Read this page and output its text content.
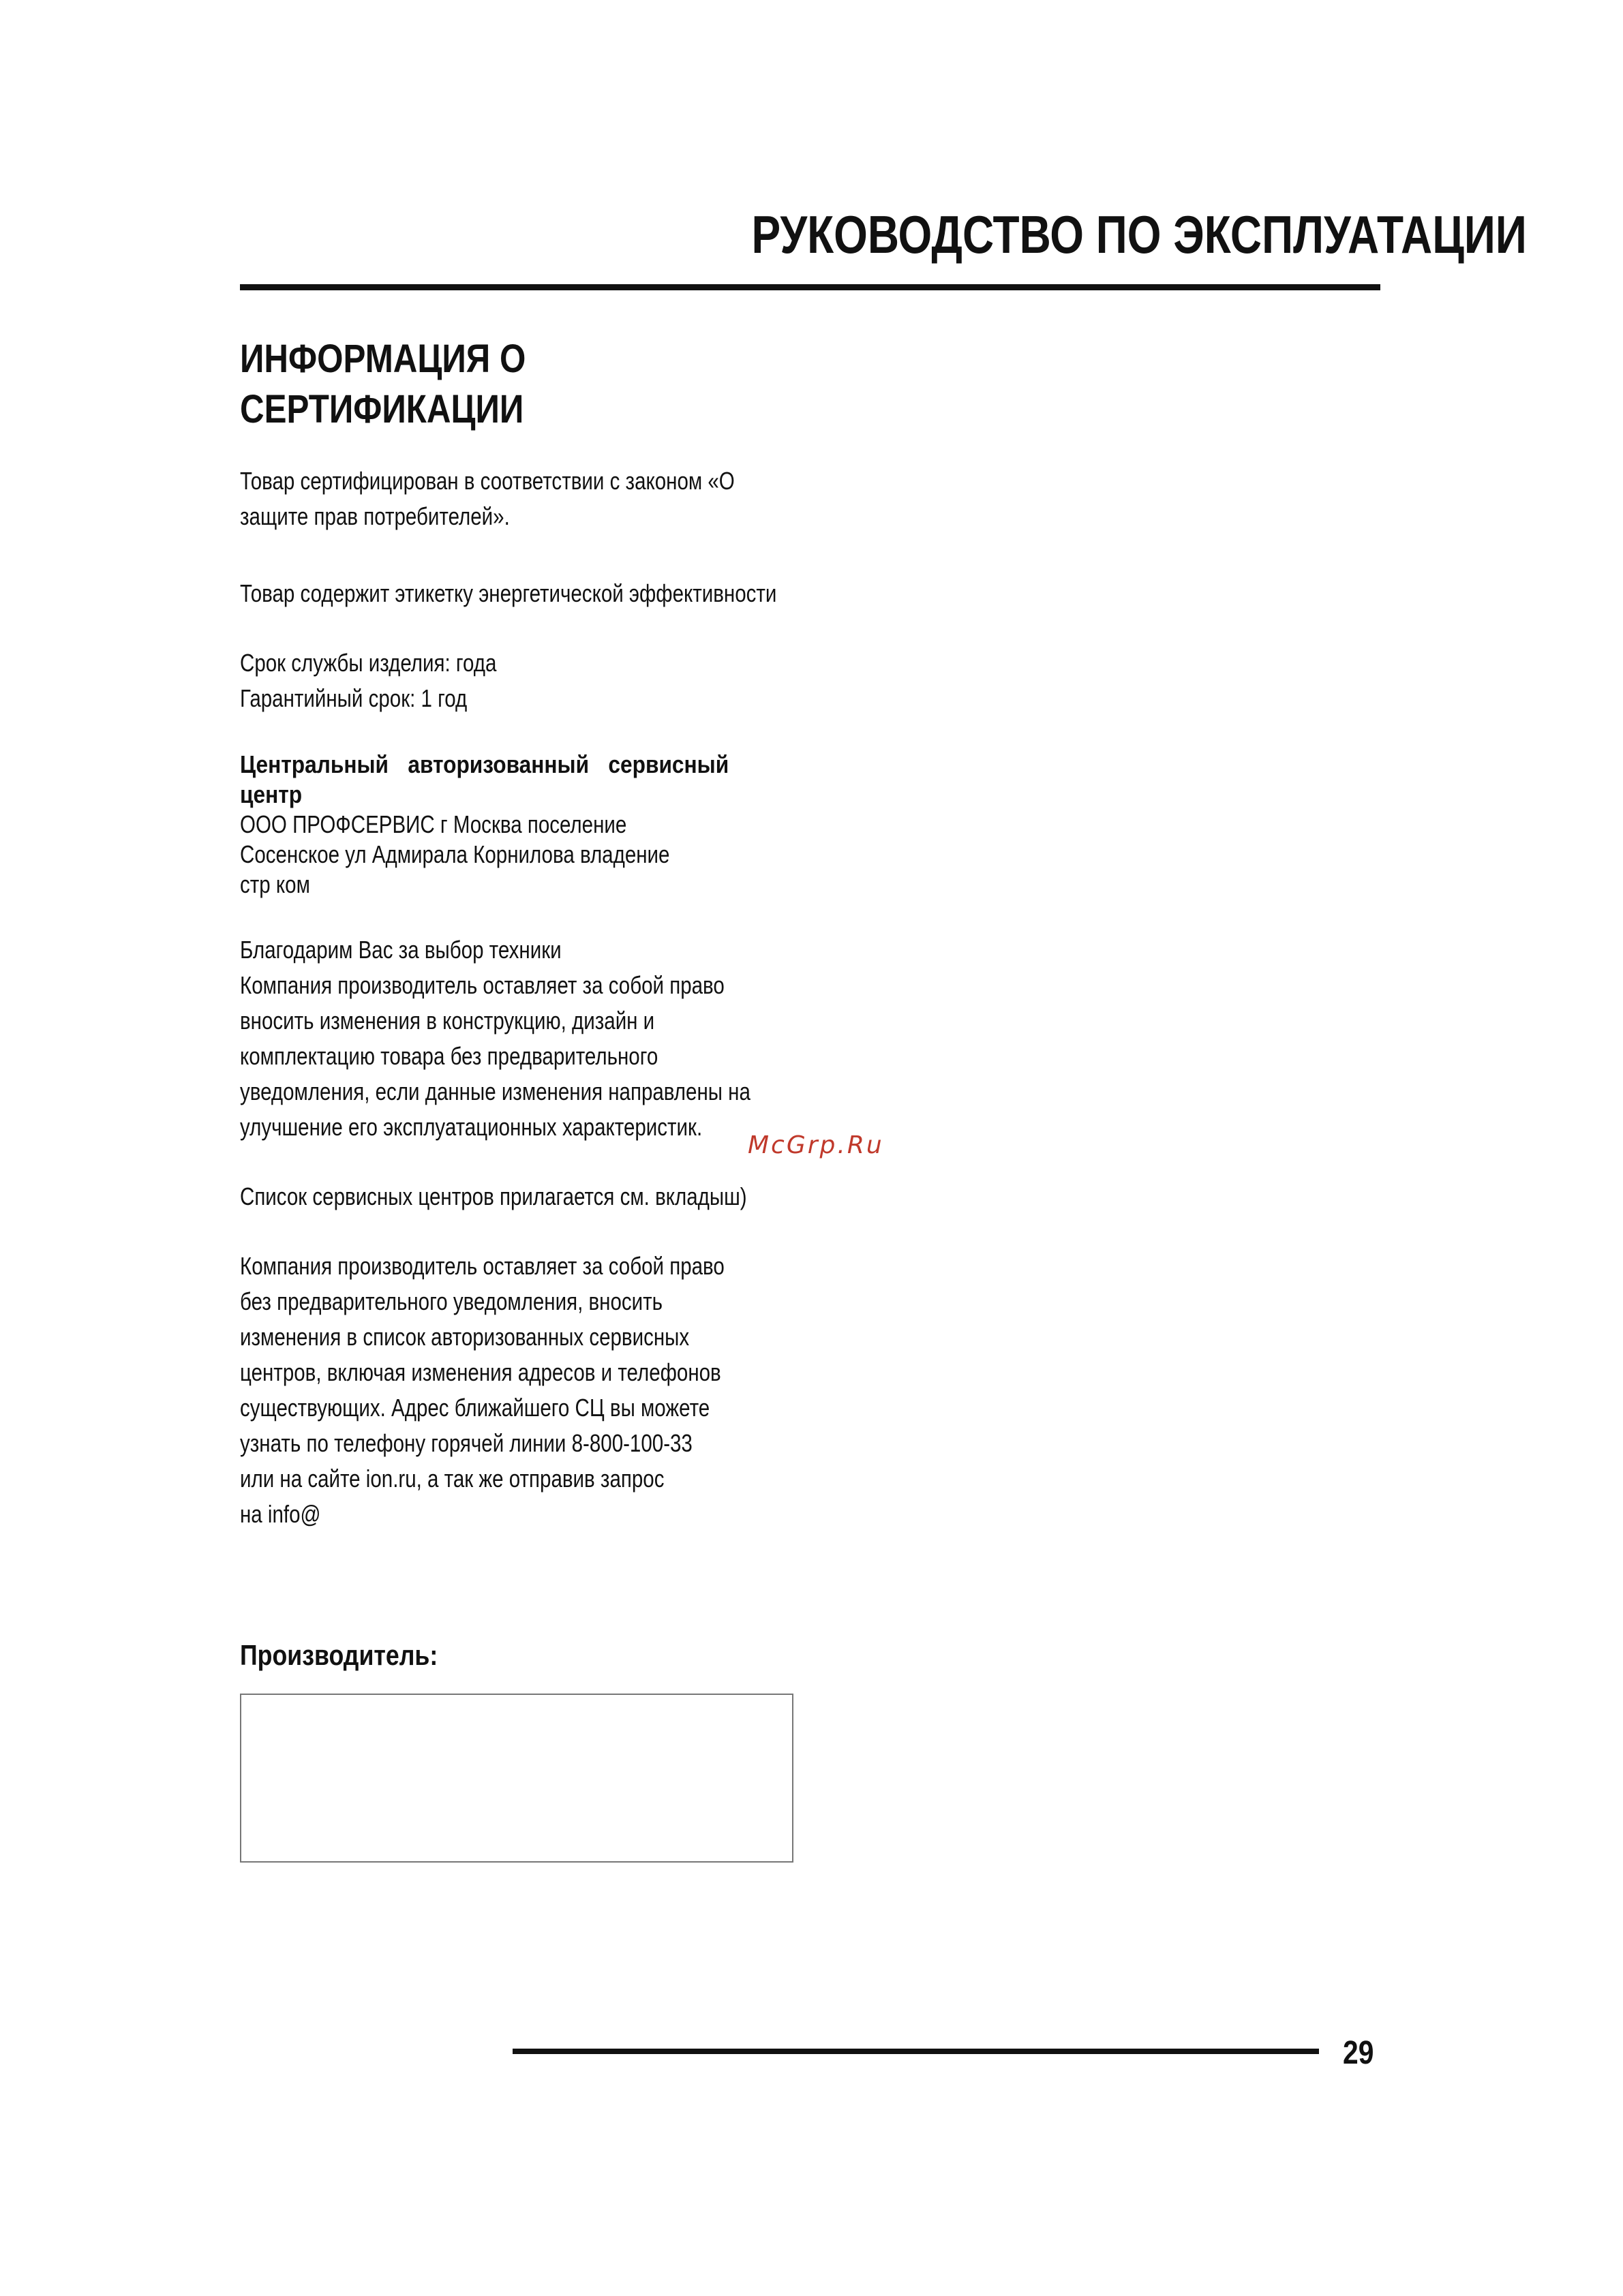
РУКОВОДСТВО ПО ЭКСПЛУАТАЦИИ
ИНФОРМАЦИЯ О
СЕРТИФИКАЦИИ
Товар сертифицирован в соответствии с законом «О
защите прав потребителей».
Товар содержит этикетку энергетической эффективности
Срок службы изделия: года
Гарантийный срок: 1 год
Центральный авторизованный сервисный
центр
ООО ПРОФСЕРВИС г Москва поселение
Сосенское ул Адмирала Корнилова владение
стр ком
Благодарим Вас за выбор техники
Компания производитель оставляет за собой право
вносить изменения в конструкцию, дизайн и
комплектацию товара без предварительного
уведомления, если данные изменения направлены на
улучшение его эксплуатационных характеристик.
McGrp.Ru
Список сервисных центров прилагается см. вкладыш)
Компания производитель оставляет за собой право
без предварительного уведомления, вносить
изменения в список авторизованных сервисных
центров, включая изменения адресов и телефонов
существующих. Адрес ближайшего СЦ вы можете
узнать по телефону горячей линии 8-800-100-33
или на сайте ion.ru, а так же отправив запрос
на info@
Производитель:
29
